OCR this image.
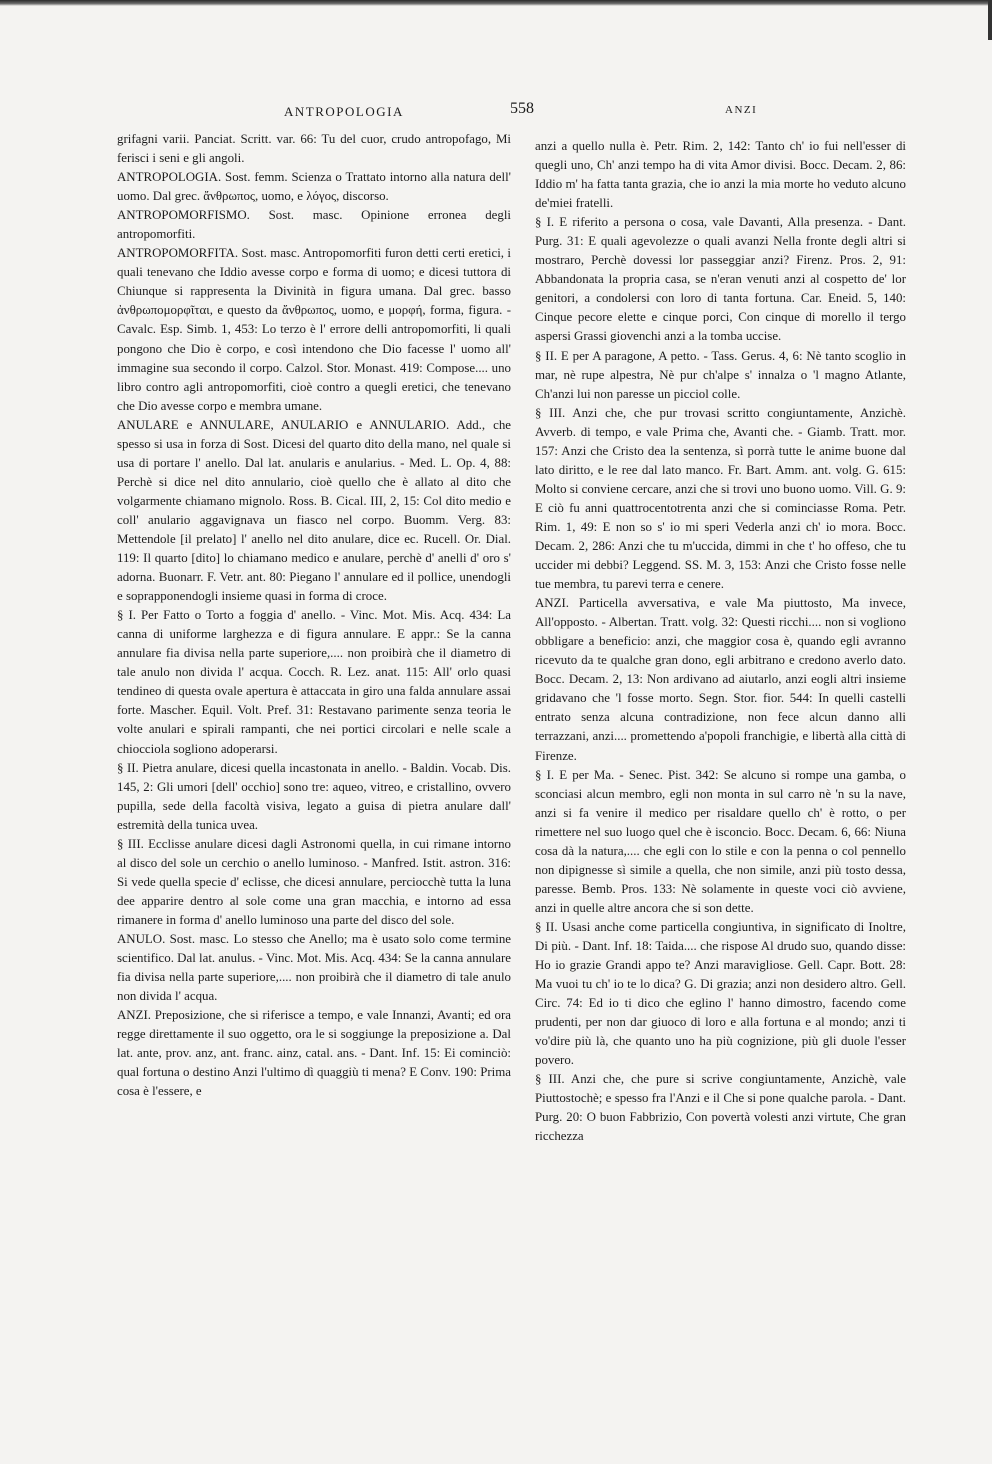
ANTROPOLOGIA	558	ANZI

grifagni varii. Panciat. Scritt. var. 66: Tu del cuor, crudo antropofago, Mi ferisci i seni e gli angoli.

ANTROPOLOGIA. Sost. femm. Scienza o Trattato intorno alla natura dell' uomo. Dal grec. ἄνθρωπος, uomo, e λόγος, discorso.

ANTROPOMORFISMO. Sost. masc. Opinione erronea degli antropomorfiti.

ANTROPOMORFITA. Sost. masc. Antropomorfiti furon detti certi eretici, i quali tenevano che Iddio avesse corpo e forma di uomo; e dicesi tuttora di Chiunque si rappresenta la Divinità in figura umana. Dal grec. basso ἀνθρωπομορφῖται, e questo da ἄνθρωπος, uomo, e μορφή, forma, figura. - Cavalc. Esp. Simb. 1, 453: Lo terzo è l' errore delli antropomorfiti, li quali pongono che Dio è corpo, e così intendono che Dio facesse l' uomo all' immagine sua secondo il corpo. Calzol. Stor. Monast. 419: Compose.... uno libro contro agli antropomorfiti, cioè contro a quegli eretici, che tenevano che Dio avesse corpo e membra umane.

ANULARE e ANNULARE, ANULARIO e ANNULARIO. Add., che spesso si usa in forza di Sost. Dicesi del quarto dito della mano, nel quale si usa di portare l' anello. Dal lat. anularis e anularius. - Med. L. Op. 4, 88: Perchè si dice nel dito annulario, cioè quello che è allato al dito che volgarmente chiamano mignolo. Ross. B. Cical. III, 2, 15: Col dito medio e coll' anulario aggavignava un fiasco nel corpo. Buomm. Verg. 83: Mettendole [il prelato] l' anello nel dito anulare, dice ec. Rucell. Or. Dial. 119: Il quarto [dito] lo chiamano medico e anulare, perchè d' anelli d' oro s' adorna. Buonarr. F. Vetr. ant. 80: Piegano l' annulare ed il pollice, unendogli e soprapponendogli insieme quasi in forma di croce.

§ I. Per Fatto o Torto a foggia d' anello. - Vinc. Mot. Mis. Acq. 434: La canna di uniforme larghezza e di figura annulare. E appr.: Se la canna annulare fia divisa nella parte superiore,.... non proibirà che il diametro di tale anulo non divida l' acqua. Cocch. R. Lez. anat. 115: All' orlo quasi tendineo di questa ovale apertura è attaccata in giro una falda annulare assai forte. Mascher. Equil. Volt. Pref. 31: Restavano parimente senza teoria le volte anulari e spirali rampanti, che nei portici circolari e nelle scale a chiocciola sogliono adoperarsi.

§ II. Pietra anulare, dicesi quella incastonata in anello. - Baldin. Vocab. Dis. 145, 2: Gli umori [dell' occhio] sono tre: aqueo, vitreo, e cristallino, ovvero pupilla, sede della facoltà visiva, legato a guisa di pietra anulare dall' estremità della tunica uvea.

§ III. Ecclisse anulare dicesi dagli Astronomi quella, in cui rimane intorno al disco del sole un cerchio o anello luminoso. - Manfred. Istit. astron. 316: Si vede quella specie d' eclisse, che dicesi annulare, perciocchè tutta la luna dee apparire dentro al sole come una gran macchia, e intorno ad essa rimanere in forma d' anello luminoso una parte del disco del sole.

ANULO. Sost. masc. Lo stesso che Anello; ma è usato solo come termine scientifico. Dal lat. anulus. - Vinc. Mot. Mis. Acq. 434: Se la canna annulare fia divisa nella parte superiore,.... non proibirà che il diametro di tale anulo non divida l' acqua.

ANZI. Preposizione, che si riferisce a tempo, e vale Innanzi, Avanti; ed ora regge direttamente il suo oggetto, ora le si soggiunge la preposizione a. Dal lat. ante, prov. anz, ant. franc. ainz, catal. ans. - Dant. Inf. 15: Ei cominciò: qual fortuna o destino Anzi l'ultimo dì quaggiù ti mena? E Conv. 190: Prima cosa è l'essere, e

anzi a quello nulla è. Petr. Rim. 2, 142: Tanto ch' io fui nell'esser di quegli uno, Ch' anzi tempo ha di vita Amor divisi. Bocc. Decam. 2, 86: Iddio m' ha fatta tanta grazia, che io anzi la mia morte ho veduto alcuno de'miei fratelli.

§ I. E riferito a persona o cosa, vale Davanti, Alla presenza. - Dant. Purg. 31: E quali agevolezze o quali avanzi Nella fronte degli altri si mostraro, Perchè dovessi lor passeggiar anzi? Firenz. Pros. 2, 91: Abbandonata la propria casa, se n'eran venuti anzi al cospetto de' lor genitori, a condolersi con loro di tanta fortuna. Car. Eneid. 5, 140: Cinque pecore elette e cinque porci, Con cinque di morello il tergo aspersi Grassi giovenchi anzi a la tomba uccise.

§ II. E per A paragone, A petto. - Tass. Gerus. 4, 6: Nè tanto scoglio in mar, nè rupe alpestra, Nè pur ch'alpe s' innalza o 'l magno Atlante, Ch'anzi lui non paresse un picciol colle.

§ III. Anzi che, che pur trovasi scritto congiuntamente, Anzichè. Avverb. di tempo, e vale Prima che, Avanti che. - Giamb. Tratt. mor. 157: Anzi che Cristo dea la sentenza, sì porrà tutte le anime buone dal lato diritto, e le ree dal lato manco. Fr. Bart. Amm. ant. volg. G. 615: Molto si conviene cercare, anzi che si trovi uno buono uomo. Vill. G. 9: E ciò fu anni quattrocentotrenta anzi che si cominciasse Roma. Petr. Rim. 1, 49: E non so s' io mi speri Vederla anzi ch' io mora. Bocc. Decam. 2, 286: Anzi che tu m'uccida, dimmi in che t' ho offeso, che tu uccider mi debbi? Leggend. SS. M. 3, 153: Anzi che Cristo fosse nelle tue membra, tu parevi terra e cenere.

ANZI. Particella avversativa, e vale Ma piuttosto, Ma invece, All'opposto. - Albertan. Tratt. volg. 32: Questi ricchi.... non si vogliono obbligare a beneficio: anzi, che maggior cosa è, quando egli avranno ricevuto da te qualche gran dono, egli arbitrano e credono averlo dato. Bocc. Decam. 2, 13: Non ardivano ad aiutarlo, anzi eogli altri insieme gridavano che 'l fosse morto. Segn. Stor. fior. 544: In quelli castelli entrato senza alcuna contradizione, non fece alcun danno alli terrazzani, anzi.... promettendo a'popoli franchigie, e libertà alla città di Firenze.

§ I. E per Ma. - Senec. Pist. 342: Se alcuno si rompe una gamba, o sconciasi alcun membro, egli non monta in sul carro nè 'n su la nave, anzi si fa venire il medico per risaldare quello ch' è rotto, o per rimettere nel suo luogo quel che è isconcio. Bocc. Decam. 6, 66: Niuna cosa dà la natura,.... che egli con lo stile e con la penna o col pennello non dipignesse sì simile a quella, che non simile, anzi più tosto dessa, paresse. Bemb. Pros. 133: Nè solamente in queste voci ciò avviene, anzi in quelle altre ancora che si son dette.

§ II. Usasi anche come particella congiuntiva, in significato di Inoltre, Di più. - Dant. Inf. 18: Taida.... che rispose Al drudo suo, quando disse: Ho io grazie Grandi appo te? Anzi maravigliose. Gell. Capr. Bott. 28: Ma vuoi tu ch' io te lo dica? G. Di grazia; anzi non desidero altro. Gell. Circ. 74: Ed io ti dico che eglino l' hanno dimostro, facendo come prudenti, per non dar giuoco di loro e alla fortuna e al mondo; anzi ti vo'dire più là, che quanto uno ha più cognizione, più gli duole l'esser povero.

§ III. Anzi che, che pure si scrive congiuntamente, Anzichè, vale Piuttostochè; e spesso fra l'Anzi e il Che si pone qualche parola. - Dant. Purg. 20: O buon Fabbrizio, Con povertà volesti anzi virtute, Che gran ricchezza
